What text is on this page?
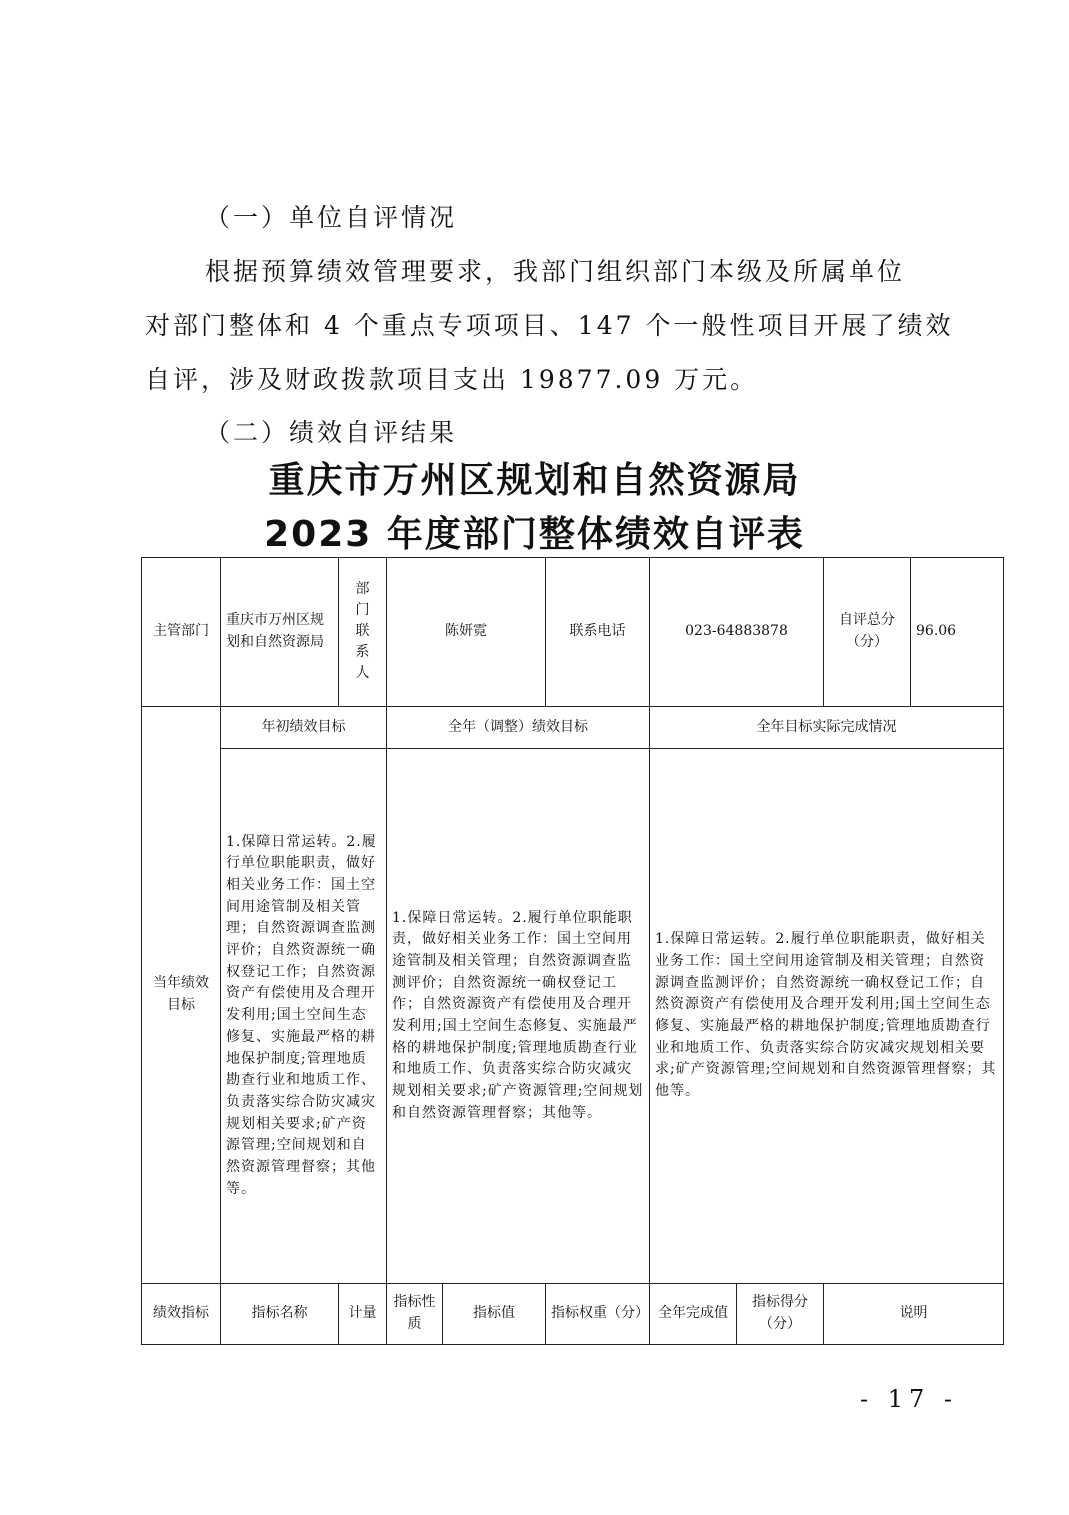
（一）单位自评情况
根据预算绩效管理要求，我部门组织部门本级及所属单位
对部门整体和 4 个重点专项项目、147 个一般性项目开展了绩效
自评，涉及财政拨款项目支出 19877.09 万元。
（二）绩效自评结果
重庆市万州区规划和自然资源局
2023 年度部门整体绩效自评表
主管部门	重庆市万州区规划和自然资源局	部门联系人	陈妍霓		联系电话	023-64883878		自评总分（分）	96.06
当年绩效目标	年初绩效目标		全年（调整）绩效目标			全年目标实际完成情况			
	1.保障日常运转。2.履行单位职能职责，做好相关业务工作：国土空间用途管制及相关管理；自然资源调查监测评价；自然资源统一确权登记工作；自然资源资产有偿使用及合理开发利用;国土空间生态修复、实施最严格的耕地保护制度;管理地质勘查行业和地质工作、负责落实综合防灾减灾规划相关要求;矿产资源管理;空间规划和自然资源管理督察；其他等。		1.保障日常运转。2.履行单位职能职责，做好相关业务工作：国土空间用途管制及相关管理；自然资源调查监测评价；自然资源统一确权登记工作；自然资源资产有偿使用及合理开发利用;国土空间生态修复、实施最严格的耕地保护制度;管理地质勘查行业和地质工作、负责落实综合防灾减灾规划相关要求;矿产资源管理;空间规划和自然资源管理督察；其他等。			1.保障日常运转。2.履行单位职能职责，做好相关业务工作：国土空间用途管制及相关管理；自然资源调查监测评价；自然资源统一确权登记工作；自然资源资产有偿使用及合理开发利用;国土空间生态修复、实施最严格的耕地保护制度;管理地质勘查行业和地质工作、负责落实综合防灾减灾规划相关要求;矿产资源管理;空间规划和自然资源管理督察；其他等。			
绩效指标	指标名称	计量	指标性质	指标值	指标权重（分）	全年完成值	指标得分（分）	说明	
- 17 -
